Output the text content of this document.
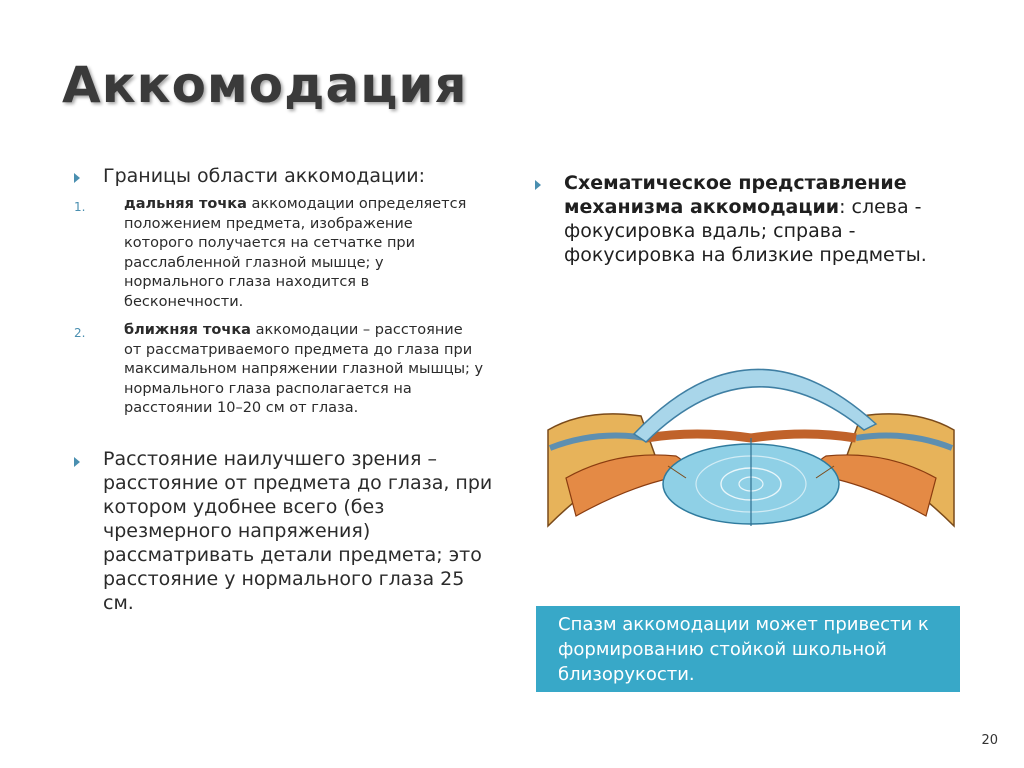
Аккомодация
Границы области аккомодации:
1.	дальняя точка аккомодации определяется положением предмета, изображение которого получается на сетчатке при расслабленной глазной мышце; у нормального глаза находится в бесконечности.
2.	ближняя точка аккомодации – расстояние от рассматриваемого предмета до глаза при максимальном напряжении глазной мышцы; у нормального глаза располагается на расстоянии 10–20 см от глаза.
Расстояние наилучшего зрения – расстояние от предмета до глаза, при котором удобнее всего (без чрезмерного напряжения) рассматривать детали предмета; это расстояние у нормального глаза 25 см.
Схематическое представление механизма аккомодации: слева - фокусировка вдаль; справа - фокусировка на близкие предметы.
Спазм аккомодации может привести к формированию стойкой школьной близорукости.
20
